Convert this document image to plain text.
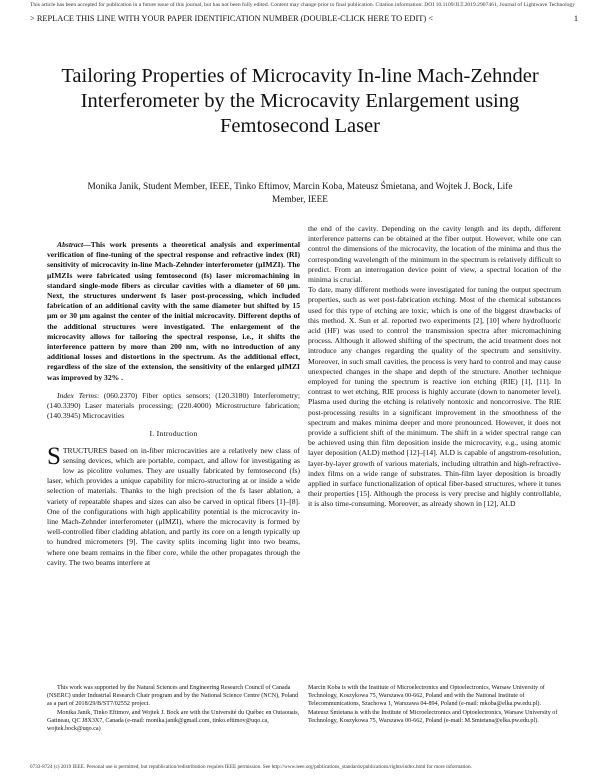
This article has been accepted for publication in a future issue of this journal, but has not been fully edited. Content may change prior to final publication. Citation information: DOI 10.1109/JLT.2019.2907461, Journal of Lightwave Technology
> REPLACE THIS LINE WITH YOUR PAPER IDENTIFICATION NUMBER (DOUBLE-CLICK HERE TO EDIT) <	1
Tailoring Properties of Microcavity In-line Mach-Zehnder Interferometer by the Microcavity Enlargement using Femtosecond Laser
Monika Janik, Student Member, IEEE, Tinko Eftimov, Marcin Koba, Mateusz Śmietana, and Wojtek J. Bock, Life Member, IEEE

Abstract—This work presents a theoretical analysis and experimental verification of fine-tuning of the spectral response and refractive index (RI) sensitivity of microcavity in-line Mach-Zehnder interferometer (μIMZI). The μIMZIs were fabricated using femtosecond (fs) laser micromachining in standard single-mode fibers as circular cavities with a diameter of 60 μm. Next, the structures underwent fs laser post-processing, which included fabrication of an additional cavity with the same diameter but shifted by 15 μm or 30 μm against the center of the initial microcavity. Different depths of the additional structures were investigated. The enlargement of the microcavity allows for tailoring the spectral response, i.e., it shifts the interference pattern by more than 200 nm, with no introduction of any additional losses and distortions in the spectrum. As the additional effect, regardless of the size of the extension, the sensitivity of the enlarged μIMZI was improved by 32% .

Index Terms: (060.2370) Fiber optics sensors; (120.3180) Interferometry; (140.3390) Laser materials processing; (220.4000) Microstructure fabrication; (140.3945) Microcavities

I. Introduction

STRUCTURES based on in-fiber microcavities are a relatively new class of sensing devices, which are portable, compact, and allow for investigating as low as picolitre volumes. They are usually fabricated by femtosecond (fs) laser, which provides a unique capability for micro-structuring at or inside a wide selection of materials. Thanks to the high precision of the fs laser ablation, a variety of repeatable shapes and sizes can also be carved in optical fibers [1]–[8]. One of the configurations with high applicability potential is the microcavity in-line Mach-Zehnder interferometer (μIMZI), where the microcavity is formed by well-controlled fiber cladding ablation, and partly its core on a length typically up to hundred micrometers [9]. The cavity splits incoming light into two beams, where one beam remains in the fiber core, while the other propagates through the cavity. The two beams interfere at

the end of the cavity. Depending on the cavity length and its depth, different interference patterns can be obtained at the fiber output. However, while one can control the dimensions of the microcavity, the location of the minima and thus the corresponding wavelength of the minimum in the spectrum is relatively difficult to predict. From an interrogation device point of view, a spectral location of the minima is crucial.

To date, many different methods were investigated for tuning the output spectrum properties, such as wet post-fabrication etching. Most of the chemical substances used for this type of etching are toxic, which is one of the biggest drawbacks of this method. X. Sun et al. reported two experiments [2], [10] where hydrofluoric acid (HF) was used to control the transmission spectra after micromachining process. Although it allowed shifting of the spectrum, the acid treatment does not introduce any changes regarding the quality of the spectrum and sensitivity. Moreover, in such small cavities, the process is very hard to control and may cause unexpected changes in the shape and depth of the structure. Another technique employed for tuning the spectrum is reactive ion etching (RIE) [1], [11]. In contrast to wet etching, RIE process is highly accurate (down to nanometer level). Plasma used during the etching is relatively nontoxic and noncorrosive. The RIE post-processing results in a significant improvement in the smoothness of the spectrum and makes minima deeper and more pronounced. However, it does not provide a sufficient shift of the minimum. The shift in a wider spectral range can be achieved using thin film deposition inside the microcavity, e.g., using atomic layer deposition (ALD) method [12]–[14]. ALD is capable of angstrom-resolution, layer-by-layer growth of various materials, including ultrathin and high-refractive-index films on a wide range of substrates. Thin-film layer deposition is broadly applied in surface functionalization of optical fiber-based structures, where it tunes their properties [15]. Although the process is very precise and highly controllable, it is also time-consuming. Moreover, as already shown in [12], ALD

This work was supported by the Natural Sciences and Engineering Research Council of Canada (NSERC) under Industrial Research Chair program and by the National Science Centre (NCN), Poland as a part of 2018/29/B/ST7/02552 project.

Monika Janik, Tinko Eftimov, and Wojtek J. Bock are with the Université du Québec en Outaouais, Gatineau, QC J8X3X7, Canada (e-mail: monika.janik@gmail.com, tinko.eftimov@uqo.ca, wojtek.bock@uqo.ca)

Marcin Koba is with the Institute of Microelectronics and Optoelectronics, Warsaw University of Technology, Koszykowa 75, Warszawa 00-662, Poland and with the National Institute of Telecommunications, Szachowa 1, Warszawa 04-894, Poland (e-mail: mkoba@elka.pw.edu.pl).

Mateusz Śmietana is with the Institute of Microelectronics and Optoelectronics, Warsaw University of Technology, Koszykowa 75, Warszawa 00-662, Poland (e-mail: M.Smietana@elka.pw.edu.pl).

0733-8724 (c) 2019 IEEE. Personal use is permitted, but republication/redistribution requires IEEE permission. See http://www.ieee.org/publications_standards/publications/rights/index.html for more information.
